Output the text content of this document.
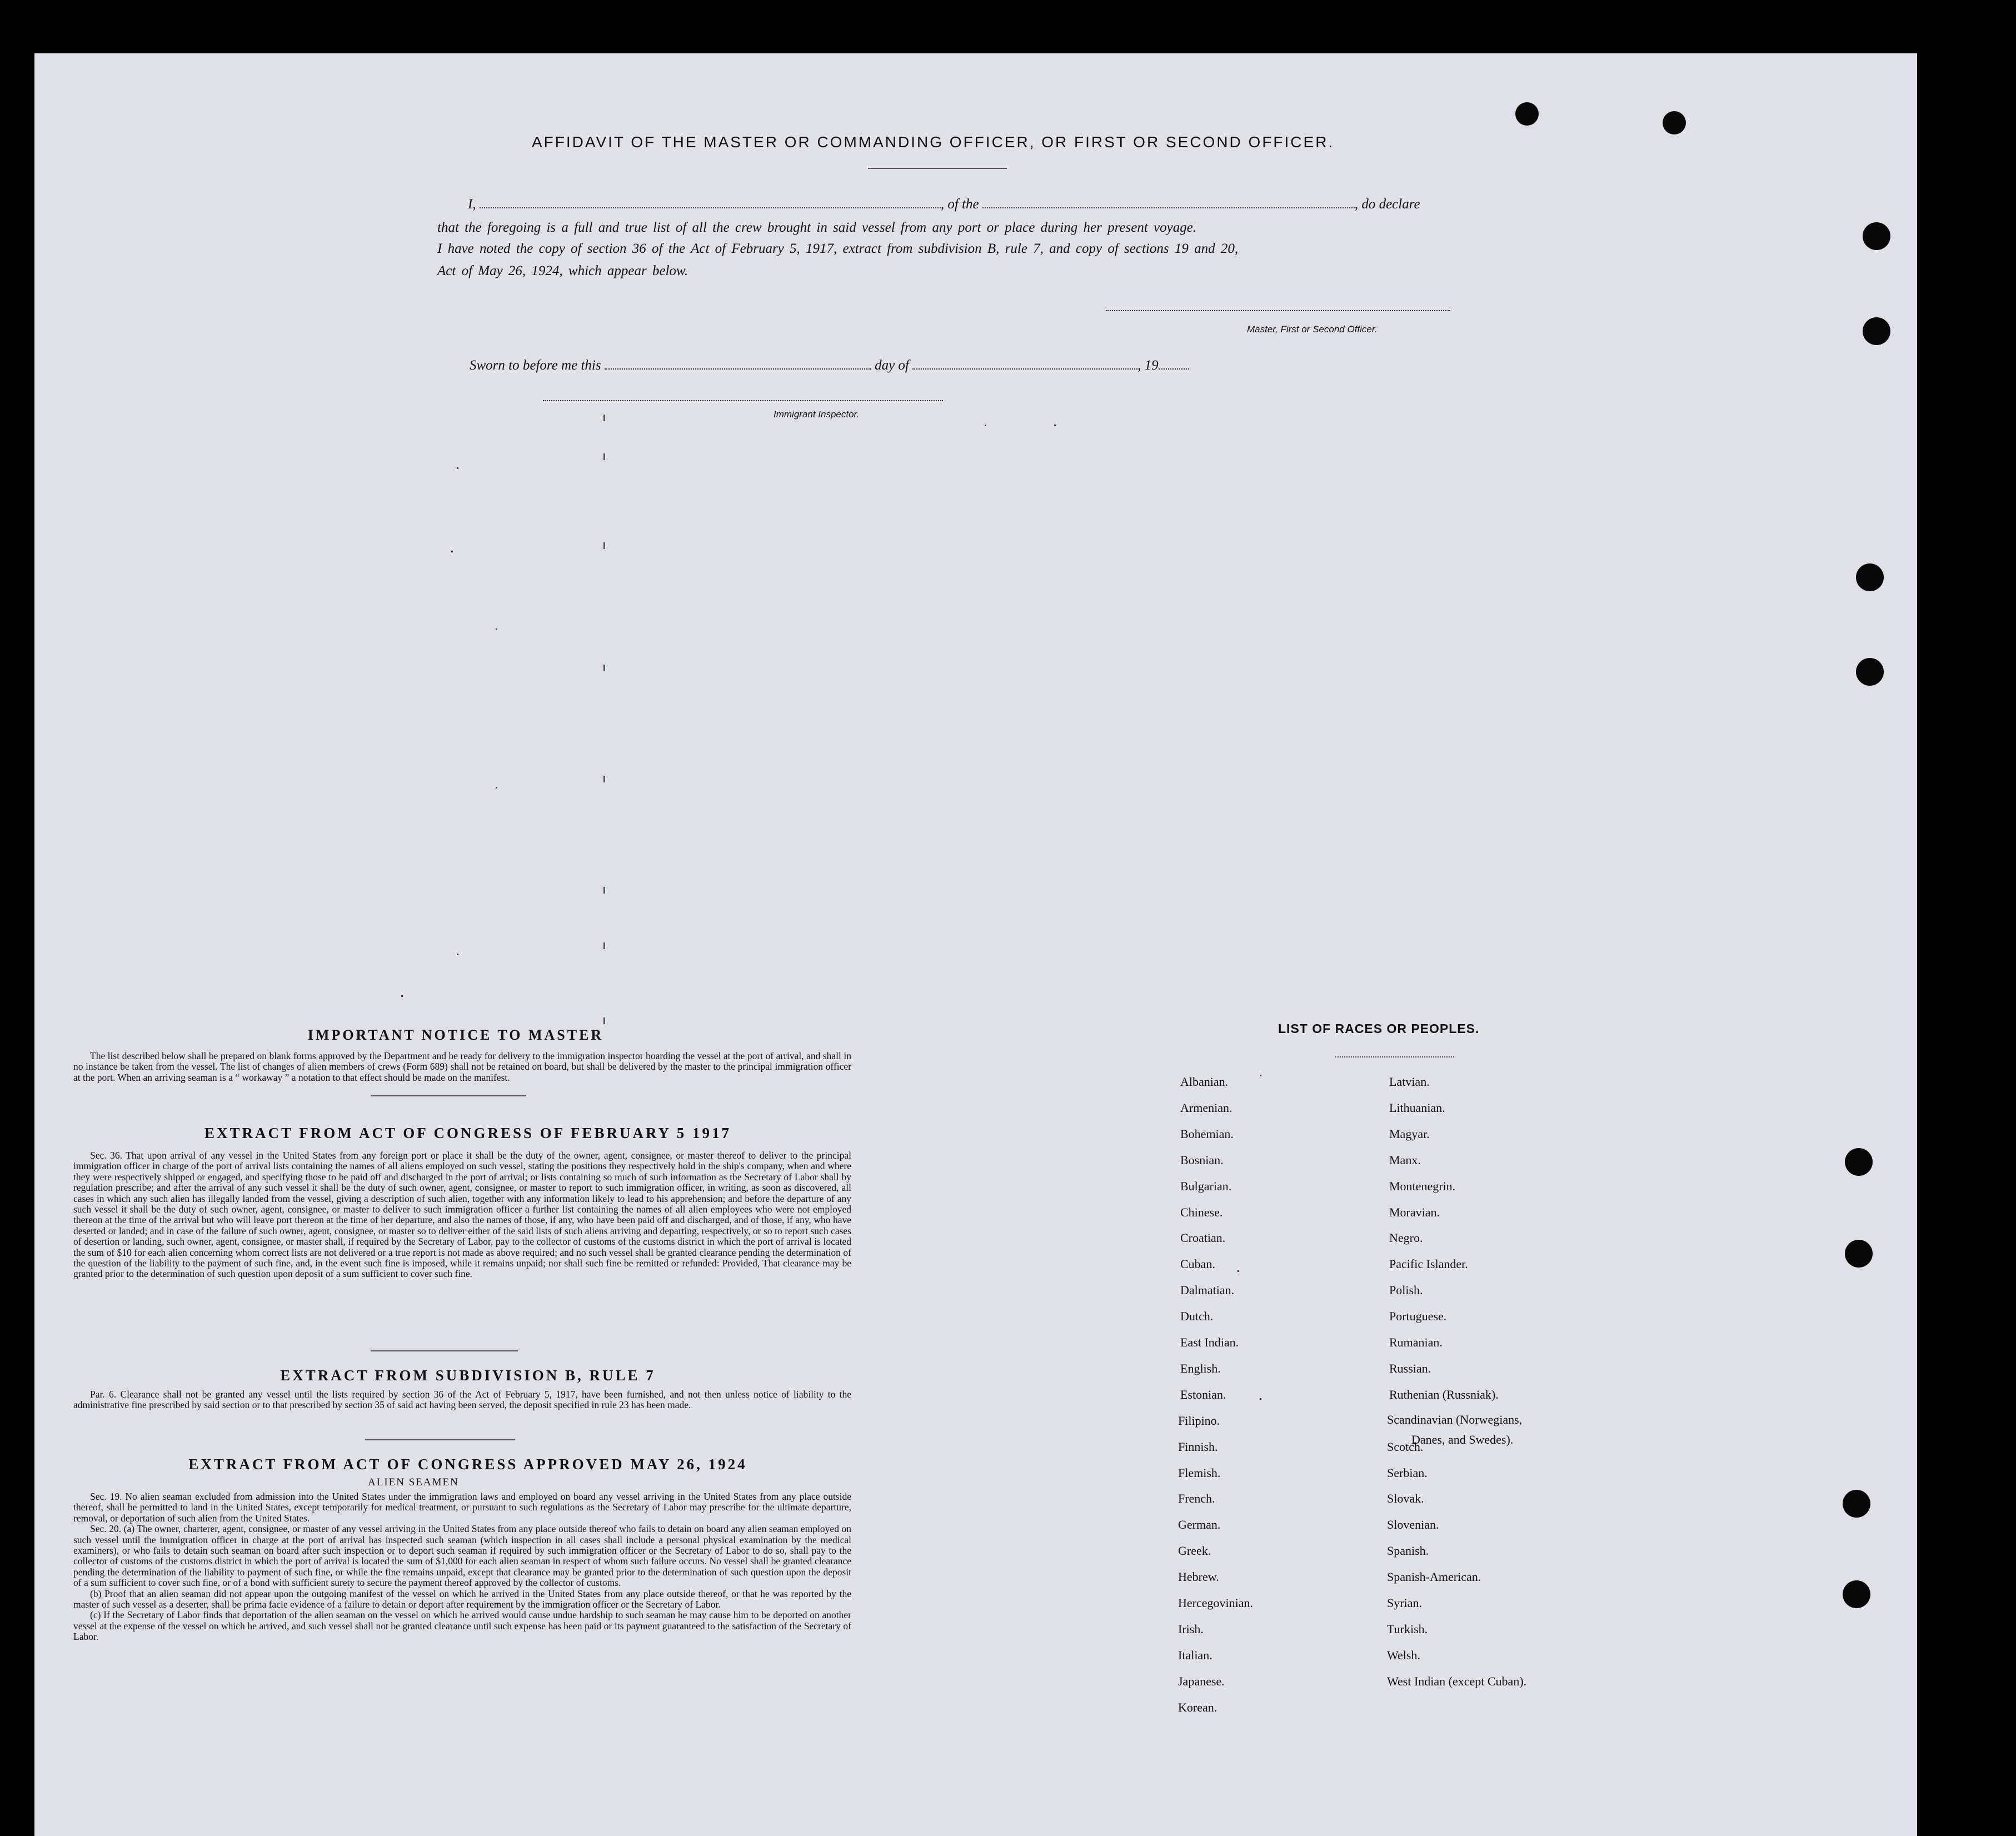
AFFIDAVIT OF THE MASTER OR COMMANDING OFFICER, OR FIRST OR SECOND OFFICER.
I,	, of the	, do declare
that the foregoing is a full and true list of all the crew brought in said vessel from any port or place during her present voyage.
I have noted the copy of section 36 of the Act of February 5, 1917, extract from subdivision B, rule 7, and copy of sections 19 and 20,
Act of May 26, 1924, which appear below.
Master, First or Second Officer.
Sworn to before me this	day of	, 19
Immigrant Inspector.
IMPORTANT NOTICE TO MASTER

The list described below shall be prepared on blank forms approved by the Department and be ready for delivery to the immigration inspector boarding the vessel at the port of arrival, and shall in no instance be taken from the vessel. The list of changes of alien members of crews (Form 689) shall not be retained on board, but shall be delivered by the master to the principal immigration officer at the port. When an arriving seaman is a “ workaway ” a notation to that effect should be made on the manifest.

EXTRACT FROM ACT OF CONGRESS OF FEBRUARY 5 1917

Sec. 36. That upon arrival of any vessel in the United States from any foreign port or place it shall be the duty of the owner, agent, consignee, or master thereof to deliver to the principal immigration officer in charge of the port of arrival lists containing the names of all aliens employed on such vessel, stating the positions they respectively hold in the ship's company, when and where they were respectively shipped or engaged, and specifying those to be paid off and discharged in the port of arrival; or lists containing so much of such information as the Secretary of Labor shall by regulation prescribe; and after the arrival of any such vessel it shall be the duty of such owner, agent, consignee, or master to report to such immigration officer, in writing, as soon as discovered, all cases in which any such alien has illegally landed from the vessel, giving a description of such alien, together with any information likely to lead to his apprehension; and before the departure of any such vessel it shall be the duty of such owner, agent, consignee, or master to deliver to such immigration officer a further list containing the names of all alien employees who were not employed thereon at the time of the arrival but who will leave port thereon at the time of her departure, and also the names of those, if any, who have been paid off and discharged, and of those, if any, who have deserted or landed; and in case of the failure of such owner, agent, consignee, or master so to deliver either of the said lists of such aliens arriving and departing, respectively, or so to report such cases of desertion or landing, such owner, agent, consignee, or master shall, if required by the Secretary of Labor, pay to the collector of customs of the customs district in which the port of arrival is located the sum of $10 for each alien concerning whom correct lists are not delivered or a true report is not made as above required; and no such vessel shall be granted clearance pending the determination of the question of the liability to the payment of such fine, and, in the event such fine is imposed, while it remains unpaid; nor shall such fine be remitted or refunded: Provided, That clearance may be granted prior to the determination of such question upon deposit of a sum sufficient to cover such fine.

EXTRACT FROM SUBDIVISION B, RULE 7

Par. 6. Clearance shall not be granted any vessel until the lists required by section 36 of the Act of February 5, 1917, have been furnished, and not then unless notice of liability to the administrative fine prescribed by said section or to that prescribed by section 35 of said act having been served, the deposit specified in rule 23 has been made.

EXTRACT FROM ACT OF CONGRESS APPROVED MAY 26, 1924
ALIEN SEAMEN

Sec. 19. No alien seaman excluded from admission into the United States under the immigration laws and employed on board any vessel arriving in the United States from any place outside thereof, shall be permitted to land in the United States, except temporarily for medical treatment, or pursuant to such regulations as the Secretary of Labor may prescribe for the ultimate departure, removal, or deportation of such alien from the United States.

Sec. 20. (a) The owner, charterer, agent, consignee, or master of any vessel arriving in the United States from any place outside thereof who fails to detain on board any alien seaman employed on such vessel until the immigration officer in charge at the port of arrival has inspected such seaman (which inspection in all cases shall include a personal physical examination by the medical examiners), or who fails to detain such seaman on board after such inspection or to deport such seaman if required by such immigration officer or the Secretary of Labor to do so, shall pay to the collector of customs of the customs district in which the port of arrival is located the sum of $1,000 for each alien seaman in respect of whom such failure occurs. No vessel shall be granted clearance pending the determination of the liability to payment of such fine, or while the fine remains unpaid, except that clearance may be granted prior to the determination of such question upon the deposit of a sum sufficient to cover such fine, or of a bond with sufficient surety to secure the payment thereof approved by the collector of customs.

(b) Proof that an alien seaman did not appear upon the outgoing manifest of the vessel on which he arrived in the United States from any place outside thereof, or that he was reported by the master of such vessel as a deserter, shall be prima facie evidence of a failure to detain or deport after requirement by the immigration officer or the Secretary of Labor.

(c) If the Secretary of Labor finds that deportation of the alien seaman on the vessel on which he arrived would cause undue hardship to such seaman he may cause him to be deported on another vessel at the expense of the vessel on which he arrived, and such vessel shall not be granted clearance until such expense has been paid or its payment guaranteed to the satisfaction of the Secretary of Labor.

LIST OF RACES OR PEOPLES.
Albanian.
Armenian.
Bohemian.
Bosnian.
Bulgarian.
Chinese.
Croatian.
Cuban.
Dalmatian.
Dutch.
East Indian.
English.
Estonian.
Filipino.
Finnish.
Flemish.
French.
German.
Greek.
Hebrew.
Hercegovinian.
Irish.
Italian.
Japanese.
Korean.
Latvian.
Lithuanian.
Magyar.
Manx.
Montenegrin.
Moravian.
Negro.
Pacific Islander.
Polish.
Portuguese.
Rumanian.
Russian.
Ruthenian (Russniak).
Scandinavian (Norwegians,
Danes, and Swedes).
Scotch.
Serbian.
Slovak.
Slovenian.
Spanish.
Spanish-American.
Syrian.
Turkish.
Welsh.
West Indian (except Cuban).
